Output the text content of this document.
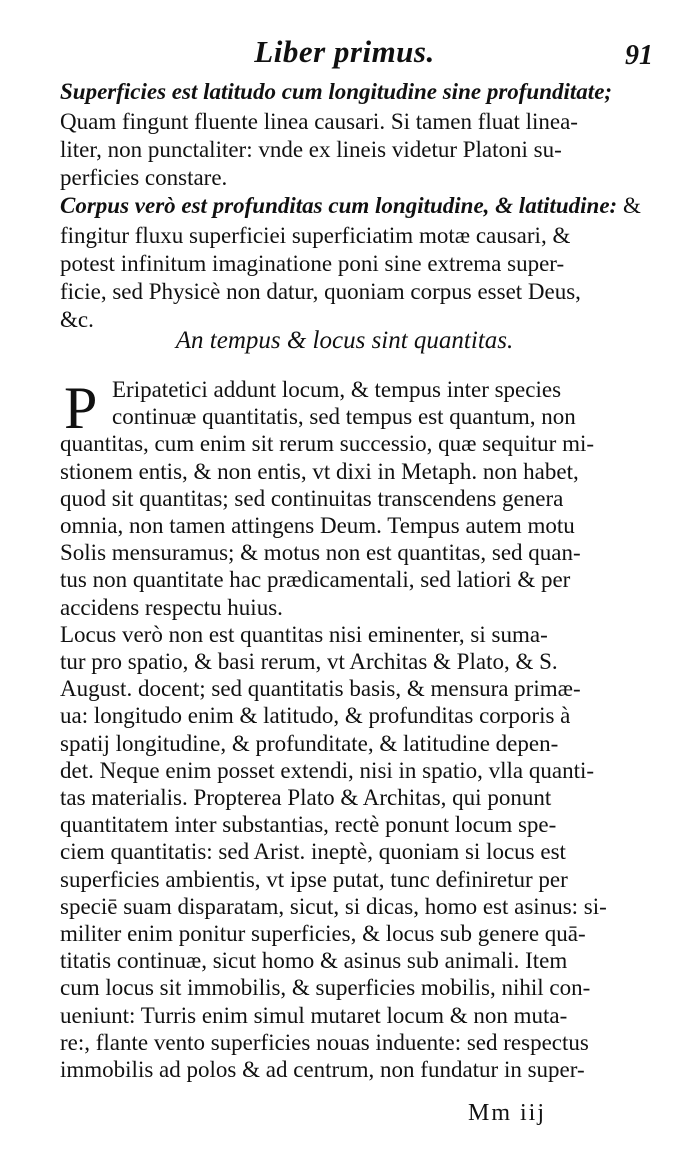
Liber primus.	91
Superficies est latitudo cum longitudine sine profunditate;
Quam fingunt fluente linea causari. Si tamen fluat linea-
liter, non punctaliter: vnde ex lineis videtur Platoni su-
perficies constare.
Corpus verò est profunditas cum longitudine, & latitudine: &
fingitur fluxu superficiei superficiatim motæ causari, &
potest infinitum imaginatione poni sine extrema super-
ficie, sed Physicè non datur, quoniam corpus esset Deus,
&c.
An tempus & locus sint quantitas.
P Eripatetici addunt locum, & tempus inter species
continuæ quantitatis, sed tempus est quantum, non
quantitas, cum enim sit rerum successio, quæ sequitur mi-
stionem entis, & non entis, vt dixi in Metaph. non habet,
quod sit quantitas; sed continuitas transcendens genera
omnia, non tamen attingens Deum. Tempus autem motu
Solis mensuramus; & motus non est quantitas, sed quan-
tus non quantitate hac prædicamentali, sed latiori & per
accidens respectu huius.
Locus verò non est quantitas nisi eminenter, si suma-
tur pro spatio, & basi rerum, vt Architas & Plato, & S.
August. docent; sed quantitatis basis, & mensura primæ-
ua: longitudo enim & latitudo, & profunditas corporis à
spatij longitudine, & profunditate, & latitudine depen-
det. Neque enim posset extendi, nisi in spatio, vlla quanti-
tas materialis. Propterea Plato & Architas, qui ponunt
quantitatem inter substantias, rectè ponunt locum spe-
ciem quantitatis: sed Arist. ineptè, quoniam si locus est
superficies ambientis, vt ipse putat, tunc definiretur per
speciē suam disparatam, sicut, si dicas, homo est asinus: si-
militer enim ponitur superficies, & locus sub genere quā-
titatis continuæ, sicut homo & asinus sub animali. Item
cum locus sit immobilis, & superficies mobilis, nihil con-
ueniunt: Turris enim simul mutaret locum & non muta-
re:, flante vento superficies nouas induente: sed respectus
immobilis ad polos & ad centrum, non fundatur in super-
Mm iij
